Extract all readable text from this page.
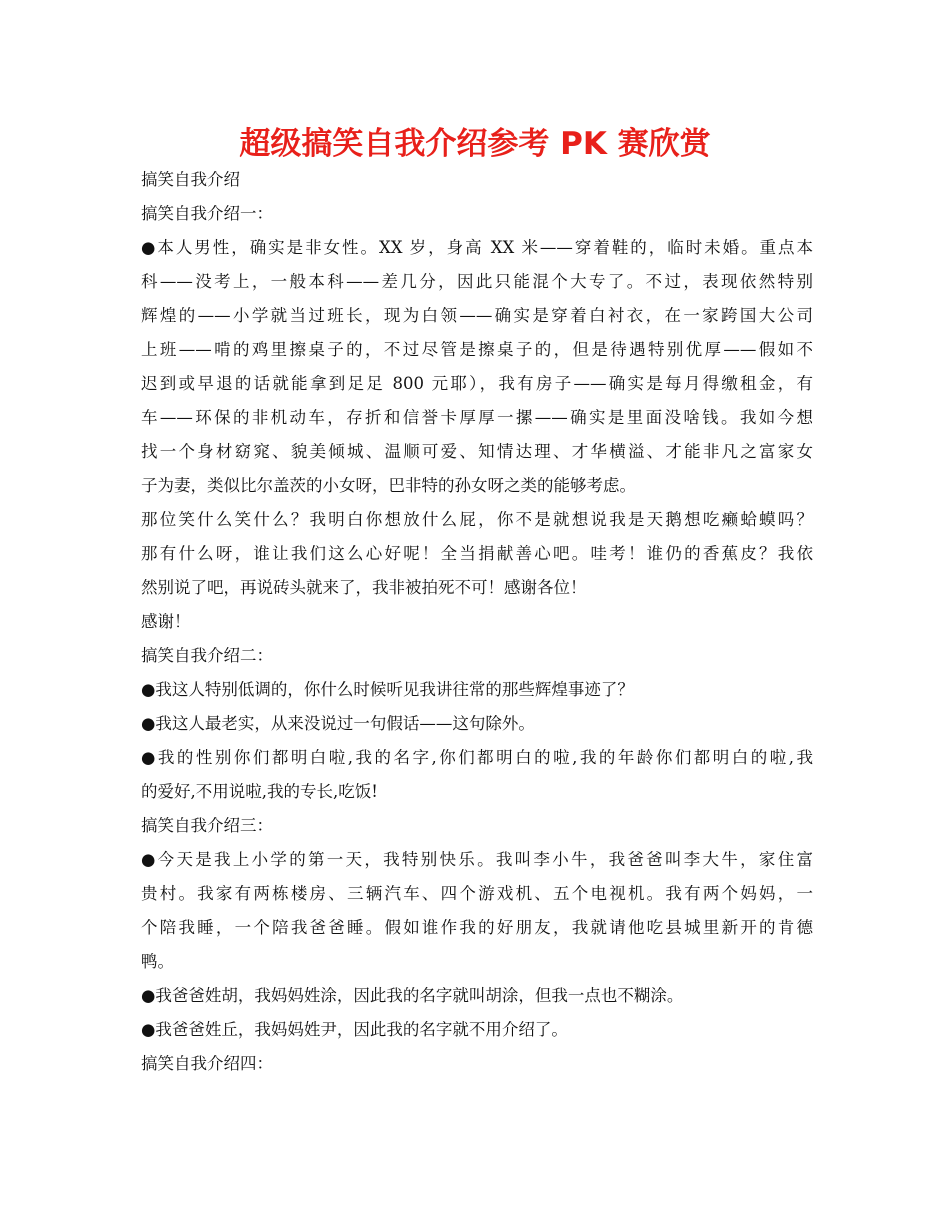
超级搞笑自我介绍参考 PK 赛欣赏
搞笑自我介绍
搞笑自我介绍一：
●本人男性，确实是非女性。XX 岁，身高 XX 米——穿着鞋的，临时未婚。重点本
科——没考上，一般本科——差几分，因此只能混个大专了。不过，表现依然特别
辉煌的——小学就当过班长，现为白领——确实是穿着白衬衣，在一家跨国大公司
上班——啃的鸡里擦桌子的，不过尽管是擦桌子的，但是待遇特别优厚——假如不
迟到或早退的话就能拿到足足 800 元耶），我有房子——确实是每月得缴租金，有
车——环保的非机动车，存折和信誉卡厚厚一摞——确实是里面没啥钱。我如今想
找一个身材窈窕、貌美倾城、温顺可爱、知情达理、才华横溢、才能非凡之富家女
子为妻，类似比尔盖茨的小女呀，巴非特的孙女呀之类的能够考虑。
那位笑什么笑什么？我明白你想放什么屁，你不是就想说我是天鹅想吃癞蛤蟆吗？
那有什么呀，谁让我们这么心好呢！全当捐献善心吧。哇考！谁仍的香蕉皮？我依
然别说了吧，再说砖头就来了，我非被拍死不可！感谢各位！
感谢！
搞笑自我介绍二：
●我这人特别低调的，你什么时候听见我讲往常的那些辉煌事迹了？
●我这人最老实，从来没说过一句假话——这句除外。
●我的性别你们都明白啦,我的名字,你们都明白的啦,我的年龄你们都明白的啦,我
的爱好,不用说啦,我的专长,吃饭!
搞笑自我介绍三：
●今天是我上小学的第一天，我特别快乐。我叫李小牛，我爸爸叫李大牛，家住富
贵村。我家有两栋楼房、三辆汽车、四个游戏机、五个电视机。我有两个妈妈，一
个陪我睡，一个陪我爸爸睡。假如谁作我的好朋友，我就请他吃县城里新开的肯德
鸭。
●我爸爸姓胡，我妈妈姓涂，因此我的名字就叫胡涂，但我一点也不糊涂。
●我爸爸姓丘，我妈妈姓尹，因此我的名字就不用介绍了。
搞笑自我介绍四：
